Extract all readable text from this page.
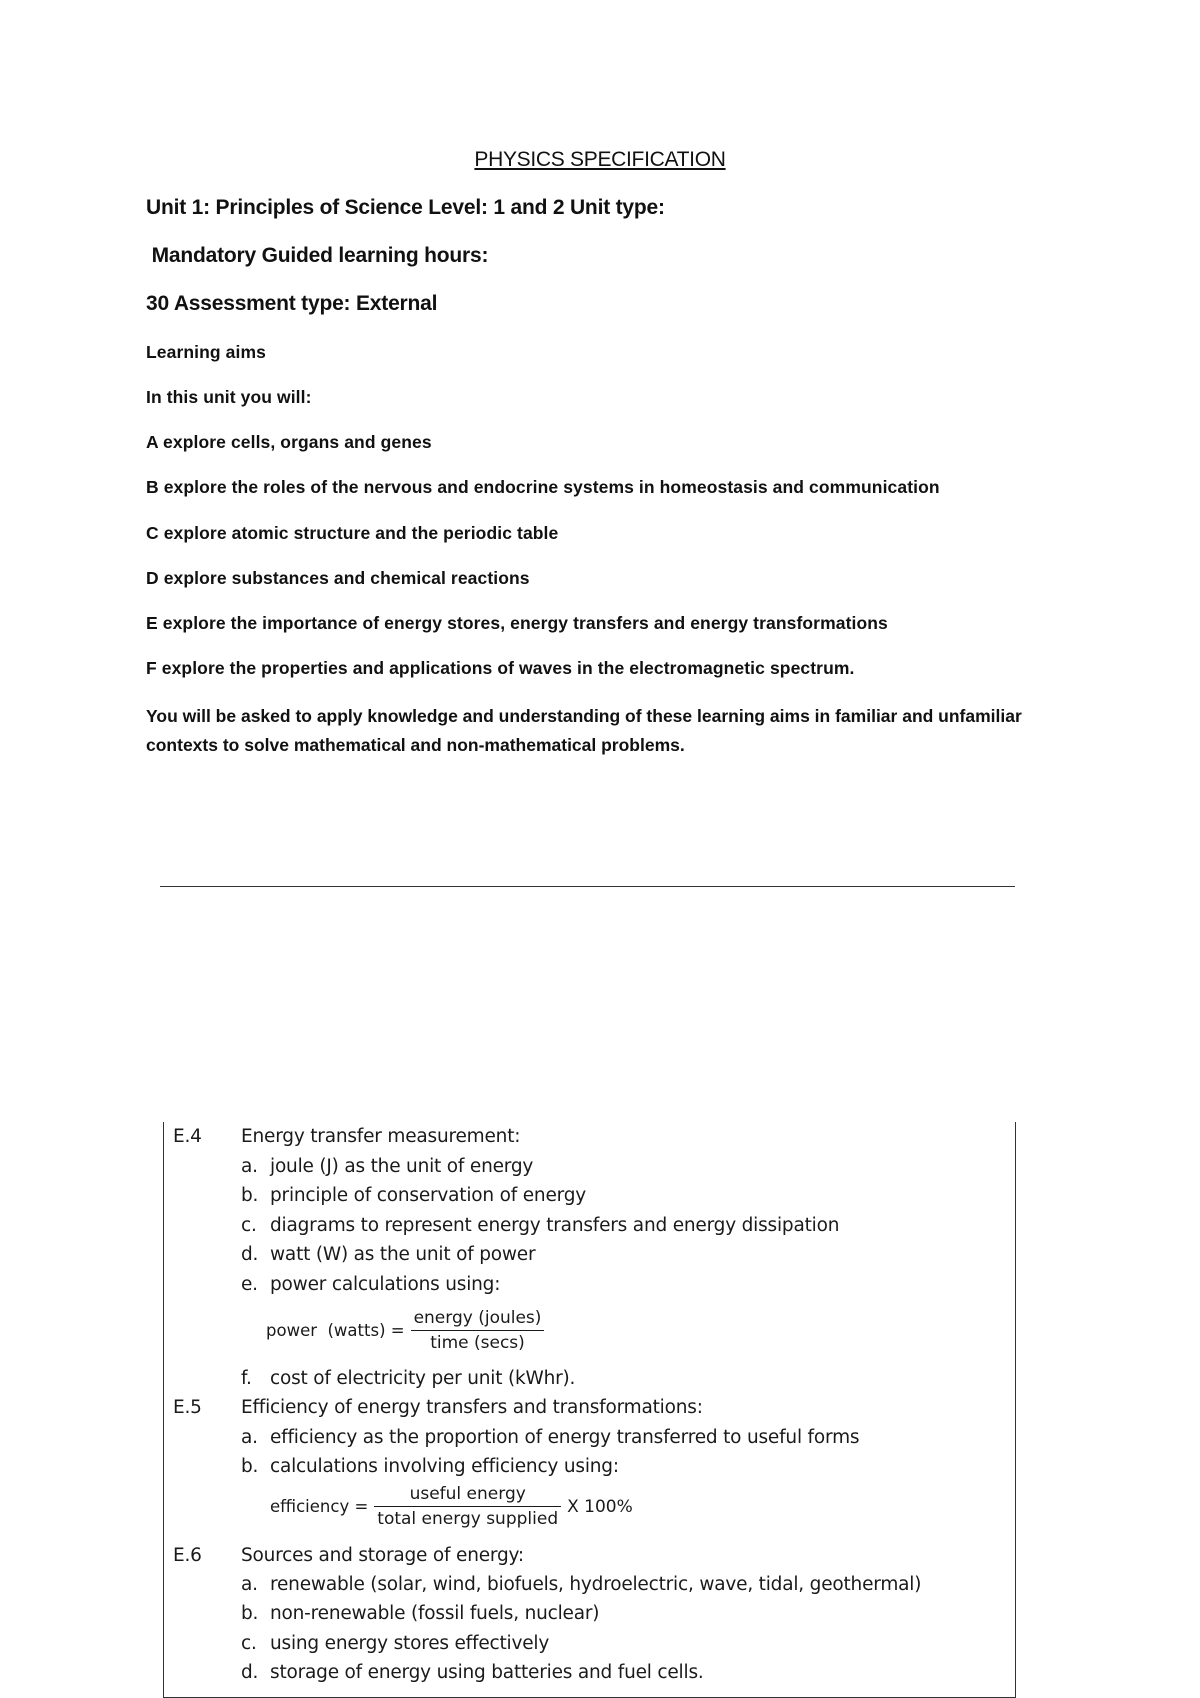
PHYSICS SPECIFICATION
Unit 1: Principles of Science Level: 1 and 2 Unit type:
Mandatory Guided learning hours:
30 Assessment type: External
Learning aims
In this unit you will:
A explore cells, organs and genes
B explore the roles of the nervous and endocrine systems in homeostasis and communication
C explore atomic structure and the periodic table
D explore substances and chemical reactions
E explore the importance of energy stores, energy transfers and energy transformations
F explore the properties and applications of waves in the electromagnetic spectrum.
You will be asked to apply knowledge and understanding of these learning aims in familiar and unfamiliar contexts to solve mathematical and non-mathematical problems.
E.4 Energy transfer measurement:
a. joule (J) as the unit of energy
b. principle of conservation of energy
c. diagrams to represent energy transfers and energy dissipation
d. watt (W) as the unit of power
e. power calculations using:
power  (watts) = $\frac{\text{energy (joules)}}{\text{time (secs)}}$
f. cost of electricity per unit (kWhr).
E.5 Efficiency of energy transfers and transformations:
a. efficiency as the proportion of energy transferred to useful forms
b. calculations involving efficiency using:
efficiency = $\frac{\text{useful energy}}{\text{total energy supplied}}$ X 100%
E.6 Sources and storage of energy:
a. renewable (solar, wind, biofuels, hydroelectric, wave, tidal, geothermal)
b. non-renewable (fossil fuels, nuclear)
c. using energy stores effectively
d. storage of energy using batteries and fuel cells.
